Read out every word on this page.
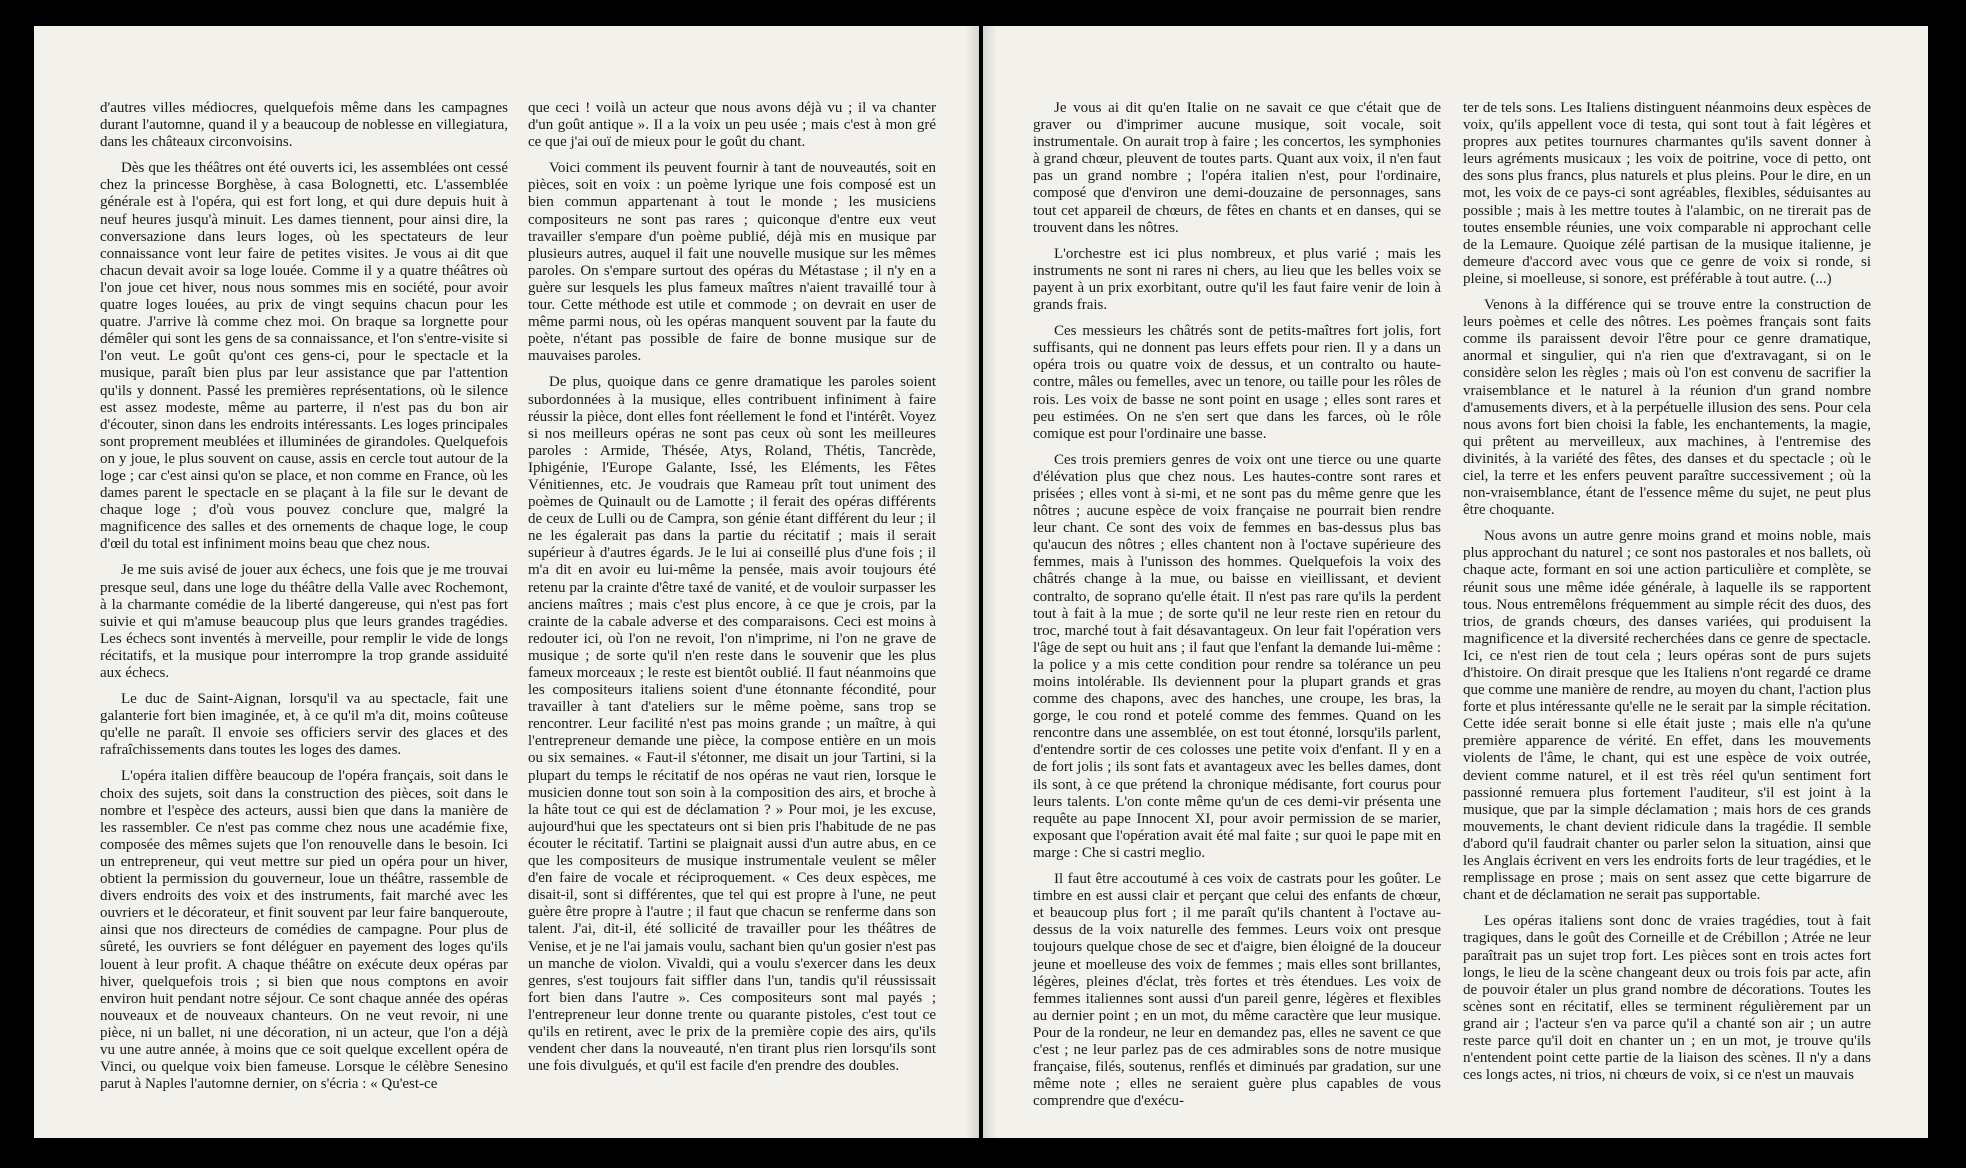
d'autres villes médiocres, quelquefois même dans les campagnes durant l'automne, quand il y a beaucoup de noblesse en villegiatura, dans les châteaux circonvoisins.

Dès que les théâtres ont été ouverts ici, les assemblées ont cessé chez la princesse Borghèse, à casa Bolognetti, etc. L'assemblée générale est à l'opéra, qui est fort long, et qui dure depuis huit à neuf heures jusqu'à minuit. Les dames tiennent, pour ainsi dire, la conversazione dans leurs loges, où les spectateurs de leur connaissance vont leur faire de petites visites. Je vous ai dit que chacun devait avoir sa loge louée. Comme il y a quatre théâtres où l'on joue cet hiver, nous nous sommes mis en société, pour avoir quatre loges louées, au prix de vingt sequins chacun pour les quatre. J'arrive là comme chez moi. On braque sa lorgnette pour démêler qui sont les gens de sa connaissance, et l'on s'entre-visite si l'on veut. Le goût qu'ont ces gens-ci, pour le spectacle et la musique, paraît bien plus par leur assistance que par l'attention qu'ils y donnent. Passé les premières représentations, où le silence est assez modeste, même au parterre, il n'est pas du bon air d'écouter, sinon dans les endroits intéressants. Les loges principales sont proprement meublées et illuminées de girandoles. Quelquefois on y joue, le plus souvent on cause, assis en cercle tout autour de la loge ; car c'est ainsi qu'on se place, et non comme en France, où les dames parent le spectacle en se plaçant à la file sur le devant de chaque loge ; d'où vous pouvez conclure que, malgré la magnificence des salles et des ornements de chaque loge, le coup d'œil du total est infiniment moins beau que chez nous.

Je me suis avisé de jouer aux échecs, une fois que je me trouvai presque seul, dans une loge du théâtre della Valle avec Rochemont, à la charmante comédie de la liberté dangereuse, qui n'est pas fort suivie et qui m'amuse beaucoup plus que leurs grandes tragédies. Les échecs sont inventés à merveille, pour remplir le vide de longs récitatifs, et la musique pour interrompre la trop grande assiduité aux échecs.

Le duc de Saint-Aignan, lorsqu'il va au spectacle, fait une galanterie fort bien imaginée, et, à ce qu'il m'a dit, moins coûteuse qu'elle ne paraît. Il envoie ses officiers servir des glaces et des rafraîchissements dans toutes les loges des dames.

L'opéra italien diffère beaucoup de l'opéra français, soit dans le choix des sujets, soit dans la construction des pièces, soit dans le nombre et l'espèce des acteurs, aussi bien que dans la manière de les rassembler. Ce n'est pas comme chez nous une académie fixe, composée des mêmes sujets que l'on renouvelle dans le besoin. Ici un entrepreneur, qui veut mettre sur pied un opéra pour un hiver, obtient la permission du gouverneur, loue un théâtre, rassemble de divers endroits des voix et des instruments, fait marché avec les ouvriers et le décorateur, et finit souvent par leur faire banqueroute, ainsi que nos directeurs de comédies de campagne. Pour plus de sûreté, les ouvriers se font déléguer en payement des loges qu'ils louent à leur profit. A chaque théâtre on exécute deux opéras par hiver, quelquefois trois ; si bien que nous comptons en avoir environ huit pendant notre séjour. Ce sont chaque année des opéras nouveaux et de nouveaux chanteurs. On ne veut revoir, ni une pièce, ni un ballet, ni une décoration, ni un acteur, que l'on a déjà vu une autre année, à moins que ce soit quelque excellent opéra de Vinci, ou quelque voix bien fameuse. Lorsque le célèbre Senesino parut à Naples l'automne dernier, on s'écria : « Qu'est-ce

que ceci ! voilà un acteur que nous avons déjà vu ; il va chanter d'un goût antique ». Il a la voix un peu usée ; mais c'est à mon gré ce que j'ai ouï de mieux pour le goût du chant.

Voici comment ils peuvent fournir à tant de nouveautés, soit en pièces, soit en voix : un poème lyrique une fois composé est un bien commun appartenant à tout le monde ; les musiciens compositeurs ne sont pas rares ; quiconque d'entre eux veut travailler s'empare d'un poème publié, déjà mis en musique par plusieurs autres, auquel il fait une nouvelle musique sur les mêmes paroles. On s'empare surtout des opéras du Métastase ; il n'y en a guère sur lesquels les plus fameux maîtres n'aient travaillé tour à tour. Cette méthode est utile et commode ; on devrait en user de même parmi nous, où les opéras manquent souvent par la faute du poète, n'étant pas possible de faire de bonne musique sur de mauvaises paroles.

De plus, quoique dans ce genre dramatique les paroles soient subordonnées à la musique, elles contribuent infiniment à faire réussir la pièce, dont elles font réellement le fond et l'intérêt. Voyez si nos meilleurs opéras ne sont pas ceux où sont les meilleures paroles : Armide, Thésée, Atys, Roland, Thétis, Tancrède, Iphigénie, l'Europe Galante, Issé, les Eléments, les Fêtes Vénitiennes, etc. Je voudrais que Rameau prît tout uniment des poèmes de Quinault ou de Lamotte ; il ferait des opéras différents de ceux de Lulli ou de Campra, son génie étant différent du leur ; il ne les égalerait pas dans la partie du récitatif ; mais il serait supérieur à d'autres égards. Je le lui ai conseillé plus d'une fois ; il m'a dit en avoir eu lui-même la pensée, mais avoir toujours été retenu par la crainte d'être taxé de vanité, et de vouloir surpasser les anciens maîtres ; mais c'est plus encore, à ce que je crois, par la crainte de la cabale adverse et des comparaisons. Ceci est moins à redouter ici, où l'on ne revoit, l'on n'imprime, ni l'on ne grave de musique ; de sorte qu'il n'en reste dans le souvenir que les plus fameux morceaux ; le reste est bientôt oublié. Il faut néanmoins que les compositeurs italiens soient d'une étonnante fécondité, pour travailler à tant d'ateliers sur le même poème, sans trop se rencontrer. Leur facilité n'est pas moins grande ; un maître, à qui l'entrepreneur demande une pièce, la compose entière en un mois ou six semaines. « Faut-il s'étonner, me disait un jour Tartini, si la plupart du temps le récitatif de nos opéras ne vaut rien, lorsque le musicien donne tout son soin à la composition des airs, et broche à la hâte tout ce qui est de déclamation ? » Pour moi, je les excuse, aujourd'hui que les spectateurs ont si bien pris l'habitude de ne pas écouter le récitatif. Tartini se plaignait aussi d'un autre abus, en ce que les compositeurs de musique instrumentale veulent se mêler d'en faire de vocale et réciproquement. « Ces deux espèces, me disait-il, sont si différentes, que tel qui est propre à l'une, ne peut guère être propre à l'autre ; il faut que chacun se renferme dans son talent. J'ai, dit-il, été sollicité de travailler pour les théâtres de Venise, et je ne l'ai jamais voulu, sachant bien qu'un gosier n'est pas un manche de violon. Vivaldi, qui a voulu s'exercer dans les deux genres, s'est toujours fait siffler dans l'un, tandis qu'il réussissait fort bien dans l'autre ». Ces compositeurs sont mal payés ; l'entrepreneur leur donne trente ou quarante pistoles, c'est tout ce qu'ils en retirent, avec le prix de la première copie des airs, qu'ils vendent cher dans la nouveauté, n'en tirant plus rien lorsqu'ils sont une fois divulgués, et qu'il est facile d'en prendre des doubles.

Je vous ai dit qu'en Italie on ne savait ce que c'était que de graver ou d'imprimer aucune musique, soit vocale, soit instrumentale. On aurait trop à faire ; les concertos, les symphonies à grand chœur, pleuvent de toutes parts. Quant aux voix, il n'en faut pas un grand nombre ; l'opéra italien n'est, pour l'ordinaire, composé que d'environ une demi-douzaine de personnages, sans tout cet appareil de chœurs, de fêtes en chants et en danses, qui se trouvent dans les nôtres.

L'orchestre est ici plus nombreux, et plus varié ; mais les instruments ne sont ni rares ni chers, au lieu que les belles voix se payent à un prix exorbitant, outre qu'il les faut faire venir de loin à grands frais.

Ces messieurs les châtrés sont de petits-maîtres fort jolis, fort suffisants, qui ne donnent pas leurs effets pour rien. Il y a dans un opéra trois ou quatre voix de dessus, et un contralto ou haute-contre, mâles ou femelles, avec un tenore, ou taille pour les rôles de rois. Les voix de basse ne sont point en usage ; elles sont rares et peu estimées. On ne s'en sert que dans les farces, où le rôle comique est pour l'ordinaire une basse.

Ces trois premiers genres de voix ont une tierce ou une quarte d'élévation plus que chez nous. Les hautes-contre sont rares et prisées ; elles vont à si-mi, et ne sont pas du même genre que les nôtres ; aucune espèce de voix française ne pourrait bien rendre leur chant. Ce sont des voix de femmes en bas-dessus plus bas qu'aucun des nôtres ; elles chantent non à l'octave supérieure des femmes, mais à l'unisson des hommes. Quelquefois la voix des châtrés change à la mue, ou baisse en vieillissant, et devient contralto, de soprano qu'elle était. Il n'est pas rare qu'ils la perdent tout à fait à la mue ; de sorte qu'il ne leur reste rien en retour du troc, marché tout à fait désavantageux. On leur fait l'opération vers l'âge de sept ou huit ans ; il faut que l'enfant la demande lui-même : la police y a mis cette condition pour rendre sa tolérance un peu moins intolérable. Ils deviennent pour la plupart grands et gras comme des chapons, avec des hanches, une croupe, les bras, la gorge, le cou rond et potelé comme des femmes. Quand on les rencontre dans une assemblée, on est tout étonné, lorsqu'ils parlent, d'entendre sortir de ces colosses une petite voix d'enfant. Il y en a de fort jolis ; ils sont fats et avantageux avec les belles dames, dont ils sont, à ce que prétend la chronique médisante, fort courus pour leurs talents. L'on conte même qu'un de ces demi-vir présenta une requête au pape Innocent XI, pour avoir permission de se marier, exposant que l'opération avait été mal faite ; sur quoi le pape mit en marge : Che si castri meglio.

Il faut être accoutumé à ces voix de castrats pour les goûter. Le timbre en est aussi clair et perçant que celui des enfants de chœur, et beaucoup plus fort ; il me paraît qu'ils chantent à l'octave au-dessus de la voix naturelle des femmes. Leurs voix ont presque toujours quelque chose de sec et d'aigre, bien éloigné de la douceur jeune et moelleuse des voix de femmes ; mais elles sont brillantes, légères, pleines d'éclat, très fortes et très étendues. Les voix de femmes italiennes sont aussi d'un pareil genre, légères et flexibles au dernier point ; en un mot, du même caractère que leur musique. Pour de la rondeur, ne leur en demandez pas, elles ne savent ce que c'est ; ne leur parlez pas de ces admirables sons de notre musique française, filés, soutenus, renflés et diminués par gradation, sur une même note ; elles ne seraient guère plus capables de vous comprendre que d'exécu-

ter de tels sons. Les Italiens distinguent néanmoins deux espèces de voix, qu'ils appellent voce di testa, qui sont tout à fait légères et propres aux petites tournures charmantes qu'ils savent donner à leurs agréments musicaux ; les voix de poitrine, voce di petto, ont des sons plus francs, plus naturels et plus pleins. Pour le dire, en un mot, les voix de ce pays-ci sont agréables, flexibles, séduisantes au possible ; mais à les mettre toutes à l'alambic, on ne tirerait pas de toutes ensemble réunies, une voix comparable ni approchant celle de la Lemaure. Quoique zélé partisan de la musique italienne, je demeure d'accord avec vous que ce genre de voix si ronde, si pleine, si moelleuse, si sonore, est préférable à tout autre. (...)

Venons à la différence qui se trouve entre la construction de leurs poèmes et celle des nôtres. Les poèmes français sont faits comme ils paraissent devoir l'être pour ce genre dramatique, anormal et singulier, qui n'a rien que d'extravagant, si on le considère selon les règles ; mais où l'on est convenu de sacrifier la vraisemblance et le naturel à la réunion d'un grand nombre d'amusements divers, et à la perpétuelle illusion des sens. Pour cela nous avons fort bien choisi la fable, les enchantements, la magie, qui prêtent au merveilleux, aux machines, à l'entremise des divinités, à la variété des fêtes, des danses et du spectacle ; où le ciel, la terre et les enfers peuvent paraître successivement ; où la non-vraisemblance, étant de l'essence même du sujet, ne peut plus être choquante.

Nous avons un autre genre moins grand et moins noble, mais plus approchant du naturel ; ce sont nos pastorales et nos ballets, où chaque acte, formant en soi une action particulière et complète, se réunit sous une même idée générale, à laquelle ils se rapportent tous. Nous entremêlons fréquemment au simple récit des duos, des trios, de grands chœurs, des danses variées, qui produisent la magnificence et la diversité recherchées dans ce genre de spectacle. Ici, ce n'est rien de tout cela ; leurs opéras sont de purs sujets d'histoire. On dirait presque que les Italiens n'ont regardé ce drame que comme une manière de rendre, au moyen du chant, l'action plus forte et plus intéressante qu'elle ne le serait par la simple récitation. Cette idée serait bonne si elle était juste ; mais elle n'a qu'une première apparence de vérité. En effet, dans les mouvements violents de l'âme, le chant, qui est une espèce de voix outrée, devient comme naturel, et il est très réel qu'un sentiment fort passionné remuera plus fortement l'auditeur, s'il est joint à la musique, que par la simple déclamation ; mais hors de ces grands mouvements, le chant devient ridicule dans la tragédie. Il semble d'abord qu'il faudrait chanter ou parler selon la situation, ainsi que les Anglais écrivent en vers les endroits forts de leur tragédies, et le remplissage en prose ; mais on sent assez que cette bigarrure de chant et de déclamation ne serait pas supportable.

Les opéras italiens sont donc de vraies tragédies, tout à fait tragiques, dans le goût des Corneille et de Crébillon ; Atrée ne leur paraîtrait pas un sujet trop fort. Les pièces sont en trois actes fort longs, le lieu de la scène changeant deux ou trois fois par acte, afin de pouvoir étaler un plus grand nombre de décorations. Toutes les scènes sont en récitatif, elles se terminent régulièrement par un grand air ; l'acteur s'en va parce qu'il a chanté son air ; un autre reste parce qu'il doit en chanter un ; en un mot, je trouve qu'ils n'entendent point cette partie de la liaison des scènes. Il n'y a dans ces longs actes, ni trios, ni chœurs de voix, si ce n'est un mauvais
